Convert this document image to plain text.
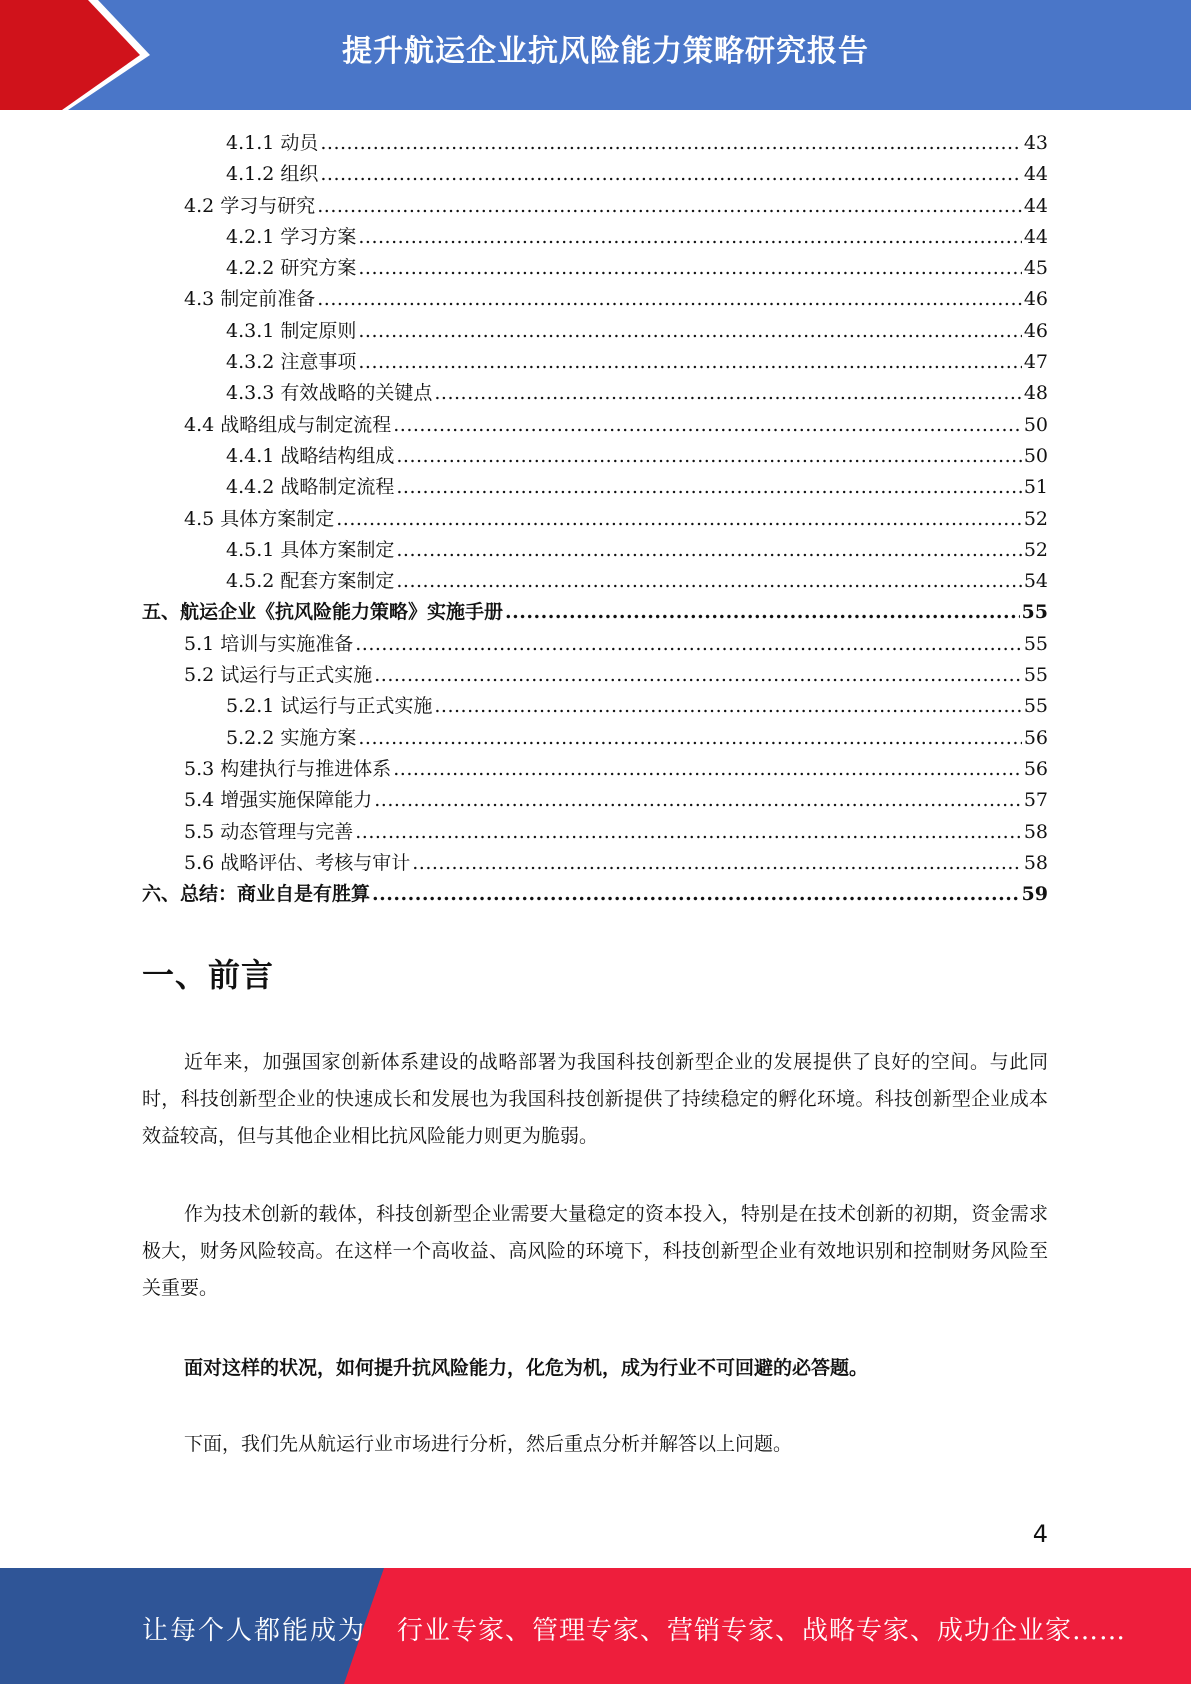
提升航运企业抗风险能力策略研究报告
4.1.1 动员 .....	43
4.1.2 组织 .....	44
4.2 学习与研究 .....	44
4.2.1 学习方案 .....	44
4.2.2 研究方案 .....	45
4.3 制定前准备 .....	46
4.3.1 制定原则 .....	46
4.3.2 注意事项 .....	47
4.3.3 有效战略的关键点 .....	48
4.4 战略组成与制定流程 .....	50
4.4.1 战略结构组成 .....	50
4.4.2 战略制定流程 .....	51
4.5 具体方案制定 .....	52
4.5.1 具体方案制定 .....	52
4.5.2 配套方案制定 .....	54
五、航运企业《抗风险能力策略》实施手册 .....	55
5.1 培训与实施准备 .....	55
5.2 试运行与正式实施 .....	55
5.2.1 试运行与正式实施 .....	55
5.2.2 实施方案 .....	56
5.3 构建执行与推进体系 .....	56
5.4 增强实施保障能力 .....	57
5.5 动态管理与完善 .....	58
5.6 战略评估、考核与审计 .....	58
六、总结：商业自是有胜算 .....	59
一、前言

近年来，加强国家创新体系建设的战略部署为我国科技创新型企业的发展提供了良好的空间。与此同时，科技创新型企业的快速成长和发展也为我国科技创新提供了持续稳定的孵化环境。科技创新型企业成本效益较高，但与其他企业相比抗风险能力则更为脆弱。

作为技术创新的载体，科技创新型企业需要大量稳定的资本投入，特别是在技术创新的初期，资金需求极大，财务风险较高。在这样一个高收益、高风险的环境下，科技创新型企业有效地识别和控制财务风险至关重要。

面对这样的状况，如何提升抗风险能力，化危为机，成为行业不可回避的必答题。

下面，我们先从航运行业市场进行分析，然后重点分析并解答以上问题。

4
让每个人都能成为 行业专家、管理专家、营销专家、战略专家、成功企业家……
